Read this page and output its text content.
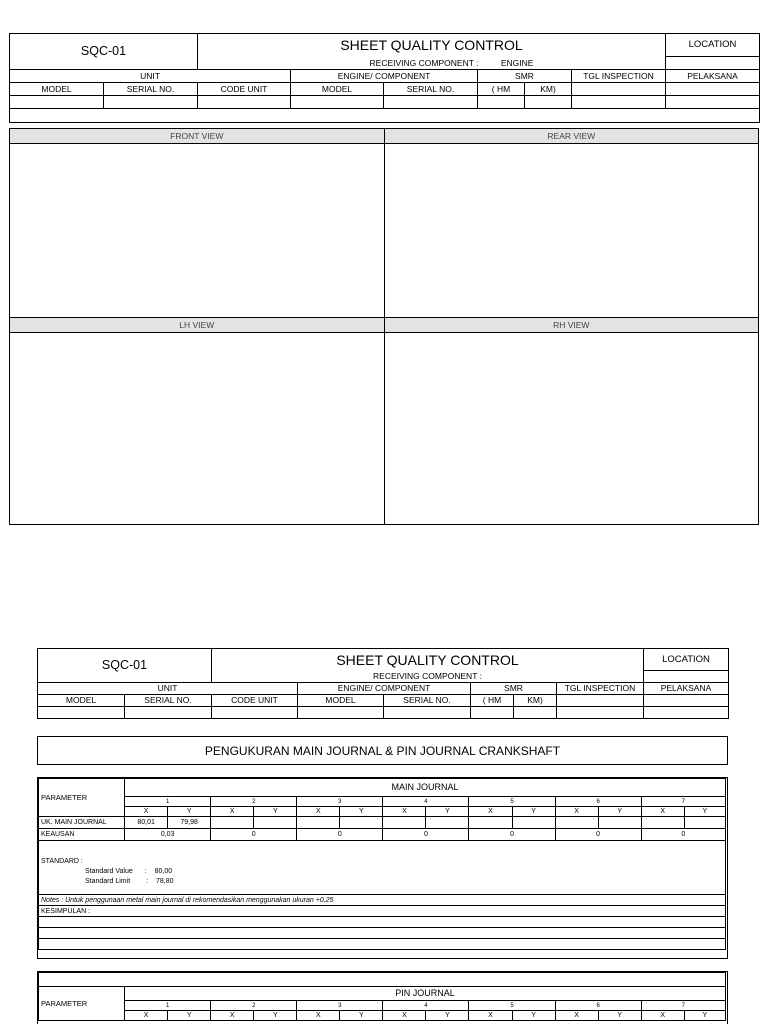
SQC-01		SHEET QUALITY CONTROL						LOCATION
		RECEIVING COMPONENT : ENGINE						
UNIT			ENGINE/ COMPONENT		SMR		TGL INSPECTION	PELAKSANA
MODEL	SERIAL NO.	CODE UNIT	MODEL	SERIAL NO.	( HM	KM)		

FRONT VIEW	REAR VIEW
LH VIEW	RH VIEW
SQC-01		SHEET QUALITY CONTROL						LOCATION
		RECEIVING COMPONENT :						
UNIT			ENGINE/ COMPONENT		SMR		TGL INSPECTION	PELAKSANA
MODEL	SERIAL NO.	CODE UNIT	MODEL	SERIAL NO.	( HM	KM)		

PENGUKURAN MAIN JOURNAL & PIN JOURNAL CRANKSHAFT
PARAMETER	MAIN JOURNAL													
	1		2		3		4		5		6		7	
	X	Y	X	Y	X	Y	X	Y	X	Y	X	Y	X	Y
UK. MAIN JOURNAL	80,01	79,98												
KEAUSAN	0,03		0		0		0		0		0		0	

STANDARD :
Standard Value : 80,00
Standard Limit : 78,80														

Notes : Untuk penggunaan metal main journal di rekomendasikan menggunakan ukuran +0,25														
KESIMPULAN :														

PARAMETER	PIN JOURNAL													
	1		2		3		4		5		6		7	
	X	Y	X	Y	X	Y	X	Y	X	Y	X	Y	X	Y
